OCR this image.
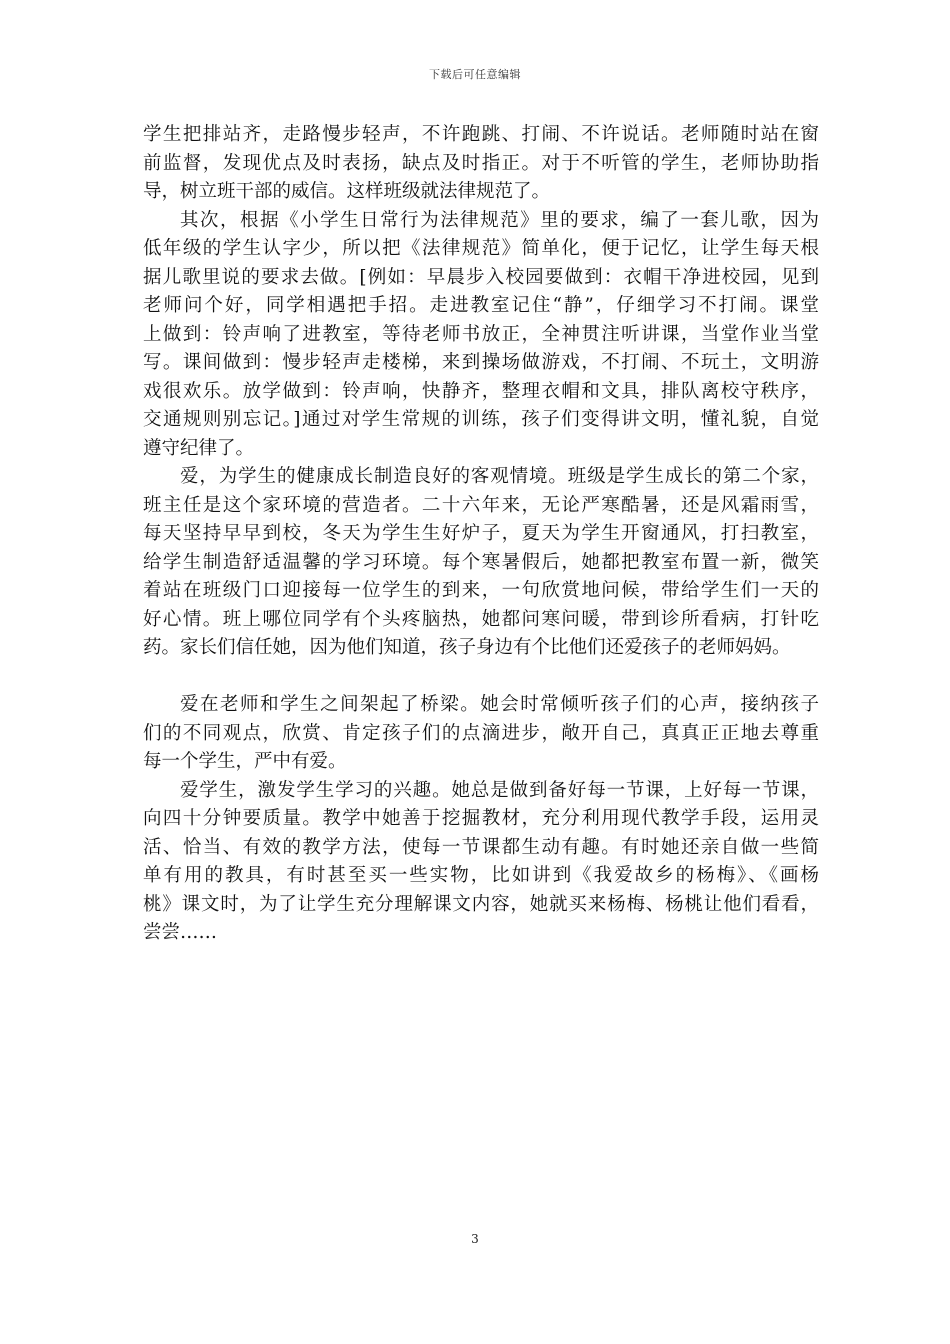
下载后可任意编辑
学生把排站齐，走路慢步轻声，不许跑跳、打闹、不许说话。老师随时站在窗
前监督，发现优点及时表扬，缺点及时指正。对于不听管的学生，老师协助指
导，树立班干部的威信。这样班级就法律规范了。
其次，根据《小学生日常行为法律规范》里的要求，编了一套儿歌，因为
低年级的学生认字少，所以把《法律规范》简单化，便于记忆，让学生每天根
据儿歌里说的要求去做。[例如：早晨步入校园要做到：衣帽干净进校园，见到
老师问个好，同学相遇把手招。走进教室记住“静”，仔细学习不打闹。课堂
上做到：铃声响了进教室，等待老师书放正，全神贯注听讲课，当堂作业当堂
写。课间做到：慢步轻声走楼梯，来到操场做游戏，不打闹、不玩土，文明游
戏很欢乐。放学做到：铃声响，快静齐，整理衣帽和文具，排队离校守秩序，
交通规则别忘记。]通过对学生常规的训练，孩子们变得讲文明，懂礼貌，自觉
遵守纪律了。
爱，为学生的健康成长制造良好的客观情境。班级是学生成长的第二个家，
班主任是这个家环境的营造者。二十六年来，无论严寒酷暑，还是风霜雨雪，
每天坚持早早到校，冬天为学生生好炉子，夏天为学生开窗通风，打扫教室，
给学生制造舒适温馨的学习环境。每个寒暑假后，她都把教室布置一新，微笑
着站在班级门口迎接每一位学生的到来，一句欣赏地问候，带给学生们一天的
好心情。班上哪位同学有个头疼脑热，她都问寒问暖，带到诊所看病，打针吃
药。家长们信任她，因为他们知道，孩子身边有个比他们还爱孩子的老师妈妈。
爱在老师和学生之间架起了桥梁。她会时常倾听孩子们的心声，接纳孩子
们的不同观点，欣赏、肯定孩子们的点滴进步，敞开自己，真真正正地去尊重
每一个学生，严中有爱。
爱学生，激发学生学习的兴趣。她总是做到备好每一节课，上好每一节课，
向四十分钟要质量。教学中她善于挖掘教材，充分利用现代教学手段，运用灵
活、恰当、有效的教学方法，使每一节课都生动有趣。有时她还亲自做一些简
单有用的教具，有时甚至买一些实物，比如讲到《我爱故乡的杨梅》、《画杨
桃》课文时，为了让学生充分理解课文内容，她就买来杨梅、杨桃让他们看看，
尝尝……
3
